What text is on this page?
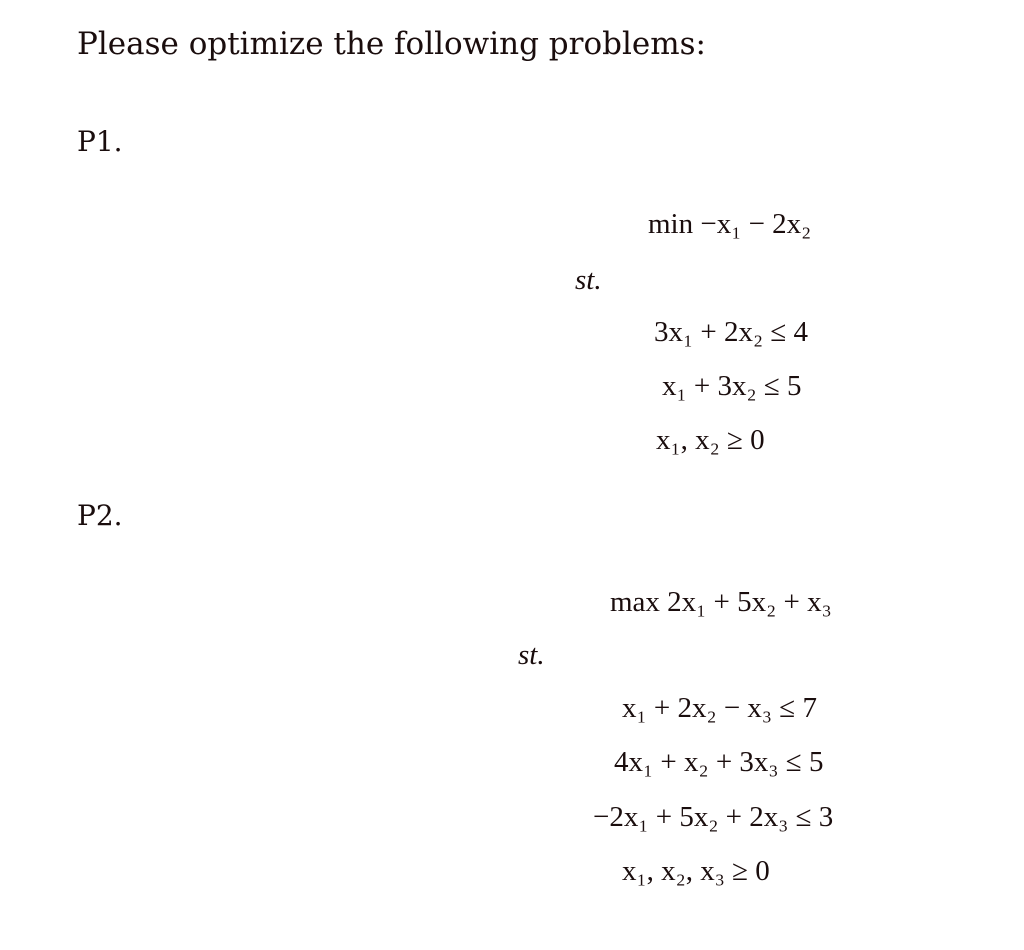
Please optimize the following problems:
P1.
min −x₁ − 2x₂
st.
3x₁ + 2x₂ ≤ 4
x₁ + 3x₂ ≤ 5
x₁, x₂ ≥ 0
P2.
max 2x₁ + 5x₂ + x₃
st.
x₁ + 2x₂ − x₃ ≤ 7
4x₁ + x₂ + 3x₃ ≤ 5
−2x₁ + 5x₂ + 2x₃ ≤ 3
x₁, x₂, x₃ ≥ 0
